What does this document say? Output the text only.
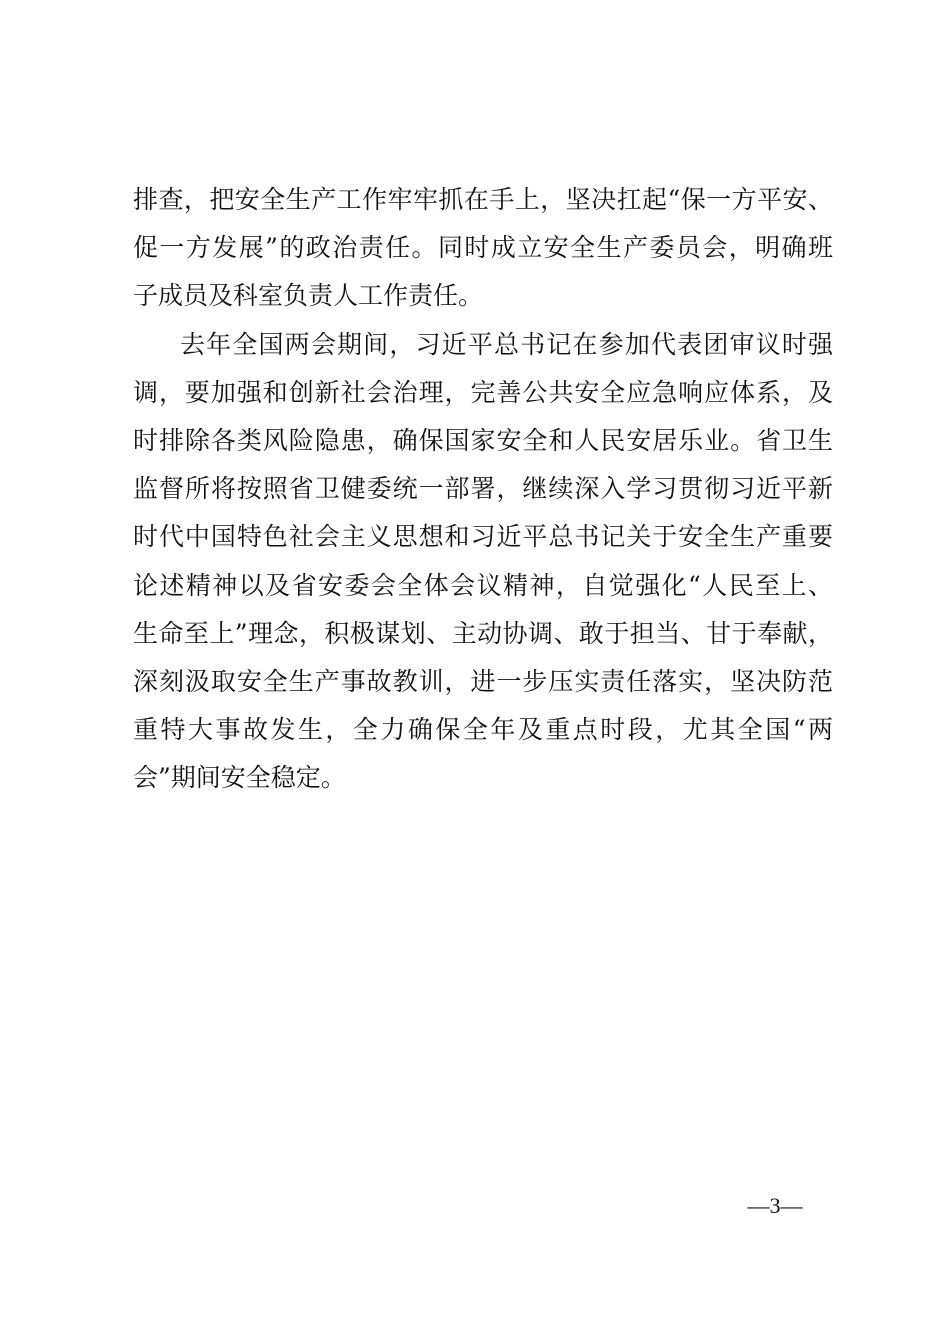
排查，把安全生产工作牢牢抓在手上，坚决扛起“保一方平安、
促一方发展”的政治责任。同时成立安全生产委员会，明确班
子成员及科室负责人工作责任。
去年全国两会期间，习近平总书记在参加代表团审议时强
调，要加强和创新社会治理，完善公共安全应急响应体系，及
时排除各类风险隐患，确保国家安全和人民安居乐业。省卫生
监督所将按照省卫健委统一部署，继续深入学习贯彻习近平新
时代中国特色社会主义思想和习近平总书记关于安全生产重要
论述精神以及省安委会全体会议精神，自觉强化“人民至上、
生命至上”理念，积极谋划、主动协调、敢于担当、甘于奉献，
深刻汲取安全生产事故教训，进一步压实责任落实，坚决防范
重特大事故发生，全力确保全年及重点时段，尤其全国“两
会”期间安全稳定。
—3—
